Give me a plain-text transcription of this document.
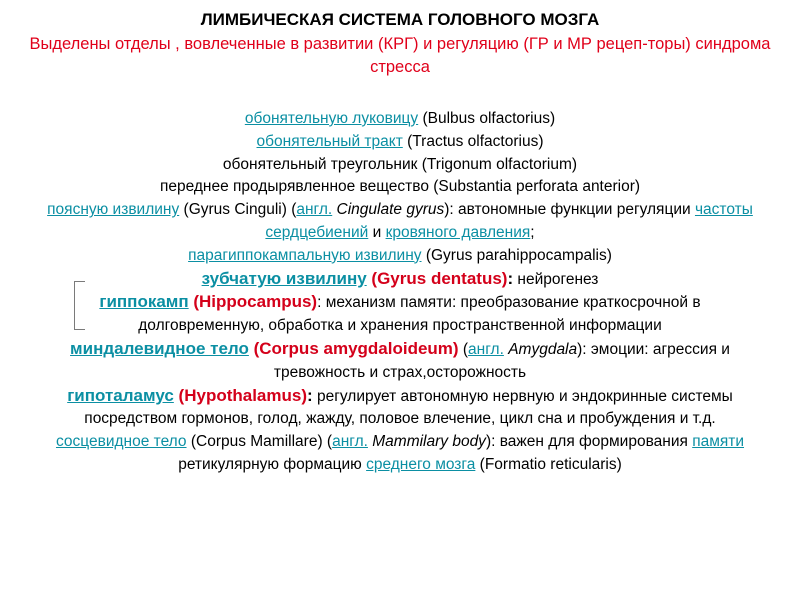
ЛИМБИЧЕСКАЯ СИСТЕМА ГОЛОВНОГО МОЗГА
Выделены отделы , вовлеченные в развитии (КРГ) и регуляцию (ГР и МР рецеп-торы) синдрома стресса

обонятельную луковицу (Bulbus olfactorius)

обонятельный тракт (Tractus olfactorius)

обонятельный треугольник (Trigonum olfactorium)

переднее продырявленное вещество (Substantia perforata anterior)

поясную извилину (Gyrus Cinguli) (англ. Cingulate gyrus): автономные функции регуляции частоты сердцебиений и кровяного давления;

парагиппокампальную извилину (Gyrus parahippocampalis)

зубчатую извилину (Gyrus dentatus): нейрогенез

гиппокамп (Hippocampus): механизм памяти: преобразование краткосрочной в долговременную, обработка и хранения пространственной информации

миндалевидное тело (Corpus amygdaloideum) (англ. Amygdala): эмоции: агрессия и тревожность и страх,осторожность

гипоталамус (Hypothalamus): регулирует автономную нервную и эндокринные системы посредством гормонов, голод, жажду, половое влечение, цикл сна и пробуждения и т.д.

сосцевидное тело (Corpus Mamillare) (англ. Mammilary body): важен для формирования памяти

ретикулярную формацию среднего мозга (Formatio reticularis)
